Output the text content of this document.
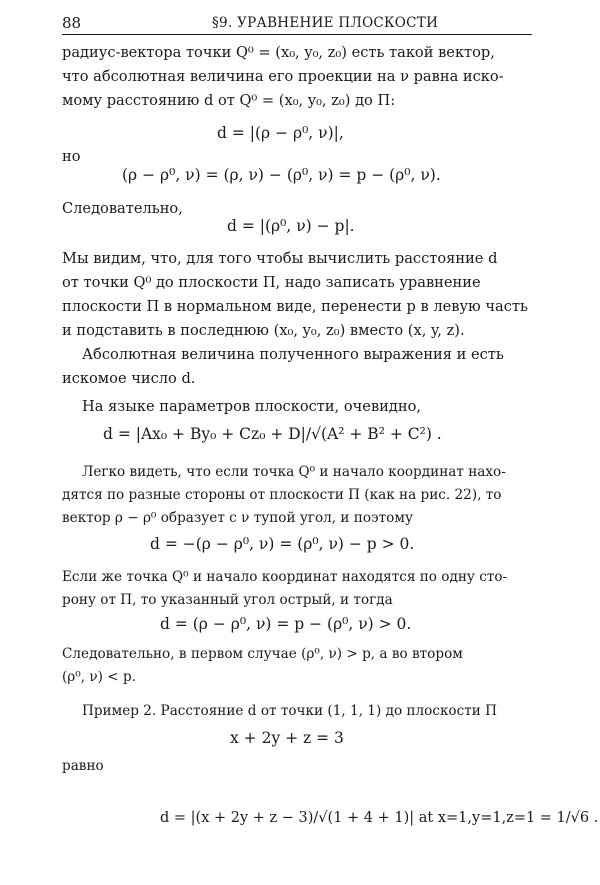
88	§9. УРАВНЕНИЕ ПЛОСКОСТИ
радиус-вектора точки Q⁰ = (x₀, y₀, z₀) есть такой вектор,
что абсолютная величина его проекции на ν равна иско-
мому расстоянию d от Q⁰ = (x₀, y₀, z₀) до П:
d = |(ρ − ρ⁰, ν)|,
но
(ρ − ρ⁰, ν) = (ρ, ν) − (ρ⁰, ν) = p − (ρ⁰, ν).
Следовательно,
d = |(ρ⁰, ν) − p|.
Мы видим, что, для того чтобы вычислить расстояние d
от точки Q⁰ до плоскости П, надо записать уравнение
плоскости П в нормальном виде, перенести p в левую часть
и подставить в последнюю (x₀, y₀, z₀) вместо (x, y, z).
Абсолютная величина полученного выражения и есть
искомое число d.
На языке параметров плоскости, очевидно,
d = |Ax₀ + By₀ + Cz₀ + D|/√(A² + B² + C²) .
Легко видеть, что если точка Q⁰ и начало координат нахо-
дятся по разные стороны от плоскости П (как на рис. 22), то
вектор ρ − ρ⁰ образует с ν тупой угол, и поэтому
d = −(ρ − ρ⁰, ν) = (ρ⁰, ν) − p > 0.
Если же точка Q⁰ и начало координат находятся по одну сто-
рону от П, то указанный угол острый, и тогда
d = (ρ − ρ⁰, ν) = p − (ρ⁰, ν) > 0.
Следовательно, в первом случае (ρ⁰, ν) > p, а во втором
(ρ⁰, ν) < p.
Пример 2. Расстояние d от точки (1, 1, 1) до плоскости П
x + 2y + z = 3
равно
d = |(x + 2y + z − 3)/√(1 + 4 + 1)| at x=1,y=1,z=1 = 1/√6 .
